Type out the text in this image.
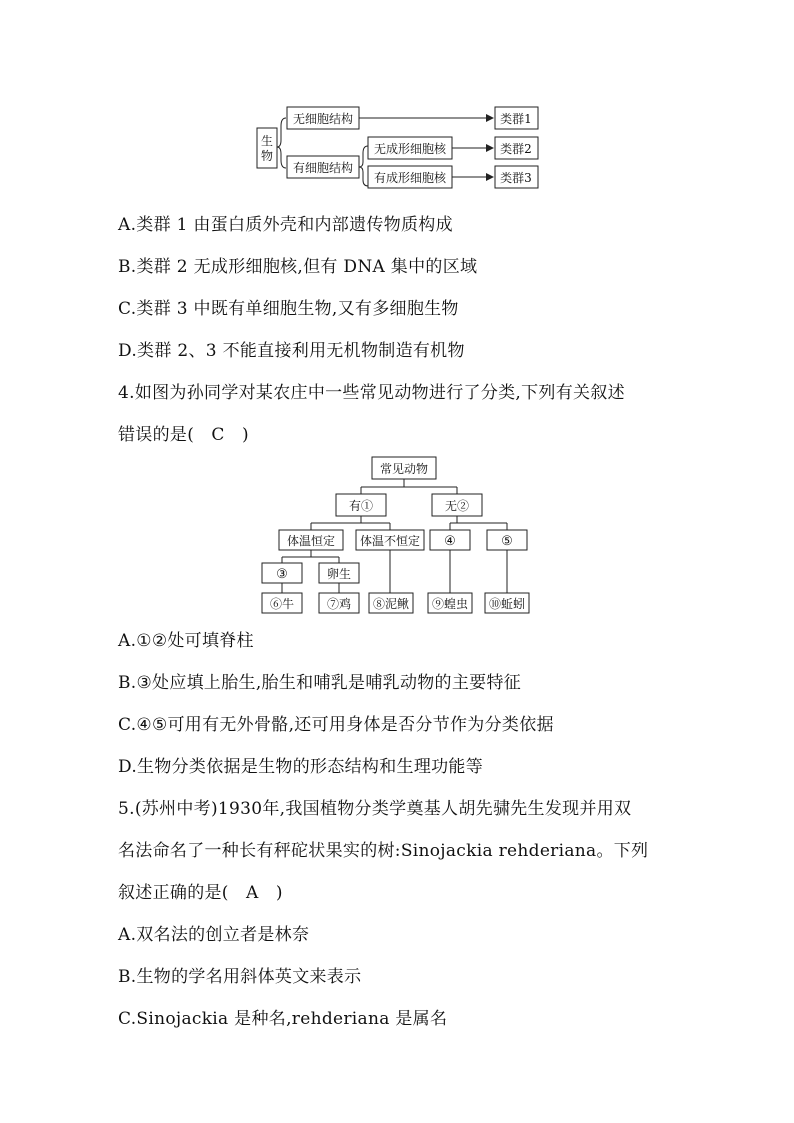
生
物
无细胞结构
有细胞结构
无成形细胞核
有成形细胞核
类群1
类群2
类群3
A.类群 1 由蛋白质外壳和内部遗传物质构成
B.类群 2 无成形细胞核,但有 DNA 集中的区域
C.类群 3 中既有单细胞生物,又有多细胞生物
D.类群 2、3 不能直接利用无机物制造有机物
4.如图为孙同学对某农庄中一些常见动物进行了分类,下列有关叙述
错误的是(　C　)
常见动物
有①	无②
体温恒定 体温不恒定 ④	⑤
③	卵生
⑥牛	⑦鸡 ⑧泥鳅 ⑨蝗虫 ⑩蚯蚓
A.①②处可填脊柱
B.③处应填上胎生,胎生和哺乳是哺乳动物的主要特征
C.④⑤可用有无外骨骼,还可用身体是否分节作为分类依据
D.生物分类依据是生物的形态结构和生理功能等
5.(苏州中考)1930年,我国植物分类学奠基人胡先骕先生发现并用双
名法命名了一种长有秤砣状果实的树:Sinojackia rehderiana。下列
叙述正确的是(　A　)
A.双名法的创立者是林奈
B.生物的学名用斜体英文来表示
C.Sinojackia 是种名,rehderiana 是属名
